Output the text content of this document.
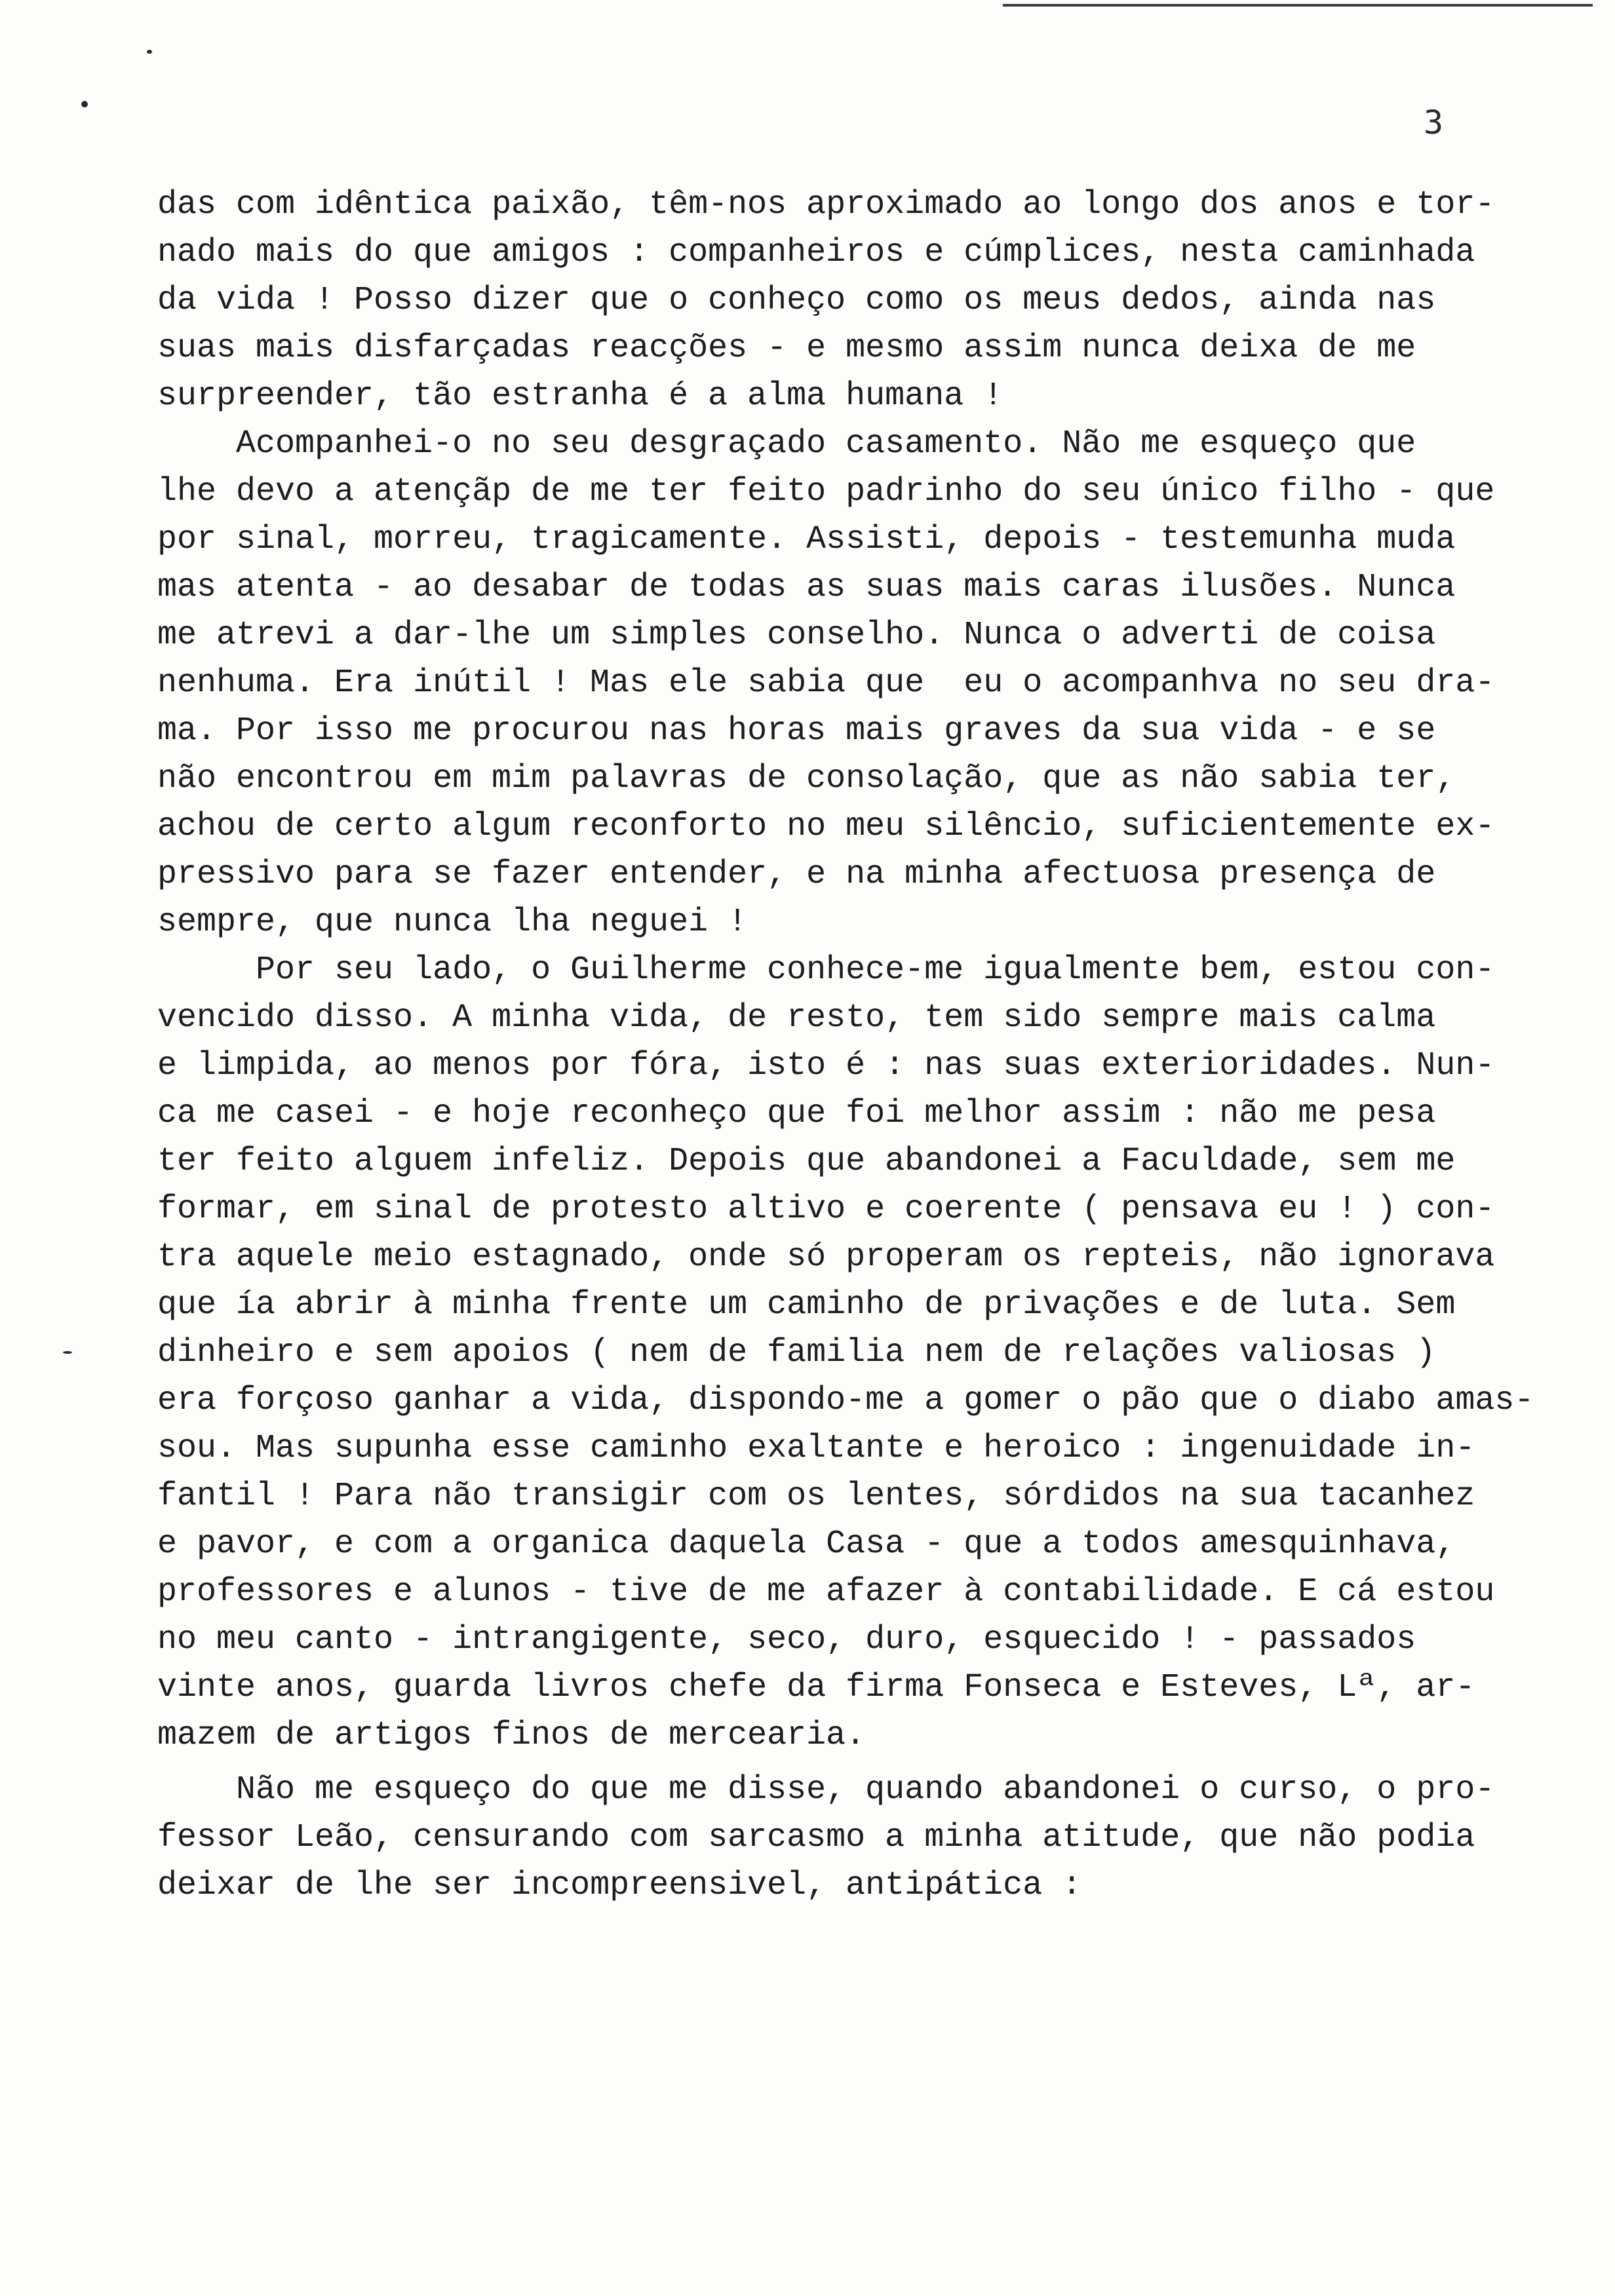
3
das com idêntica paixão, têm-nos aproximado ao longo dos anos e tor-
nado mais do que amigos : companheiros e cúmplices, nesta caminhada
da vida ! Posso dizer que o conheço como os meus dedos, ainda nas
suas mais disfarçadas reacções - e mesmo assim nunca deixa de me
surpreender, tão estranha é a alma humana !
Acompanhei-o no seu desgraçado casamento. Não me esqueço que
lhe devo a atençãp de me ter feito padrinho do seu único filho - que
por sinal, morreu, tragicamente. Assisti, depois - testemunha muda
mas atenta - ao desabar de todas as suas mais caras ilusões. Nunca
me atrevi a dar-lhe um simples conselho. Nunca o adverti de coisa
nenhuma. Era inútil ! Mas ele sabia que  eu o acompanhva no seu dra-
ma. Por isso me procurou nas horas mais graves da sua vida - e se
não encontrou em mim palavras de consolação, que as não sabia ter,
achou de certo algum reconforto no meu silêncio, suficientemente ex-
pressivo para se fazer entender, e na minha afectuosa presença de
sempre, que nunca lha neguei !
Por seu lado, o Guilherme conhece-me igualmente bem, estou con-
vencido disso. A minha vida, de resto, tem sido sempre mais calma
e limpida, ao menos por fóra, isto é : nas suas exterioridades. Nun-
ca me casei - e hoje reconheço que foi melhor assim : não me pesa
ter feito alguem infeliz. Depois que abandonei a Faculdade, sem me
formar, em sinal de protesto altivo e coerente ( pensava eu ! ) con-
tra aquele meio estagnado, onde só properam os repteis, não ignorava
que ía abrir à minha frente um caminho de privações e de luta. Sem
dinheiro e sem apoios ( nem de familia nem de relações valiosas )
era forçoso ganhar a vida, dispondo-me a gomer o pão que o diabo amas-
sou. Mas supunha esse caminho exaltante e heroico : ingenuidade in-
fantil ! Para não transigir com os lentes, sórdidos na sua tacanhez
e pavor, e com a organica daquela Casa - que a todos amesquinhava,
professores e alunos - tive de me afazer à contabilidade. E cá estou
no meu canto - intrangigente, seco, duro, esquecido ! - passados
vinte anos, guarda livros chefe da firma Fonseca e Esteves, Lª, ar-
mazem de artigos finos de mercearia.
Não me esqueço do que me disse, quando abandonei o curso, o pro-
fessor Leão, censurando com sarcasmo a minha atitude, que não podia
deixar de lhe ser incompreensivel, antipática :
